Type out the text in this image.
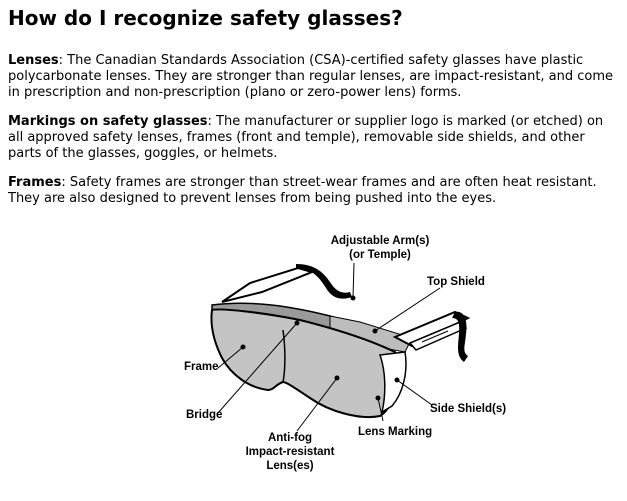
How do I recognize safety glasses?

Lenses: The Canadian Standards Association (CSA)-certified safety glasses have plastic polycarbonate lenses. They are stronger than regular lenses, are impact-resistant, and come in prescription and non-prescription (plano or zero-power lens) forms.

Markings on safety glasses: The manufacturer or supplier logo is marked (or etched) on all approved safety lenses, frames (front and temple), removable side shields, and other parts of the glasses, goggles, or helmets.

Frames: Safety frames are stronger than street-wear frames and are often heat resistant. They are also designed to prevent lenses from being pushed into the eyes.

Adjustable Arm(s)
(or Temple)
Top Shield
Frame
Bridge	Side Shield(s)
Lens Marking
Anti-fog
Impact-resistant
Lens(es)
